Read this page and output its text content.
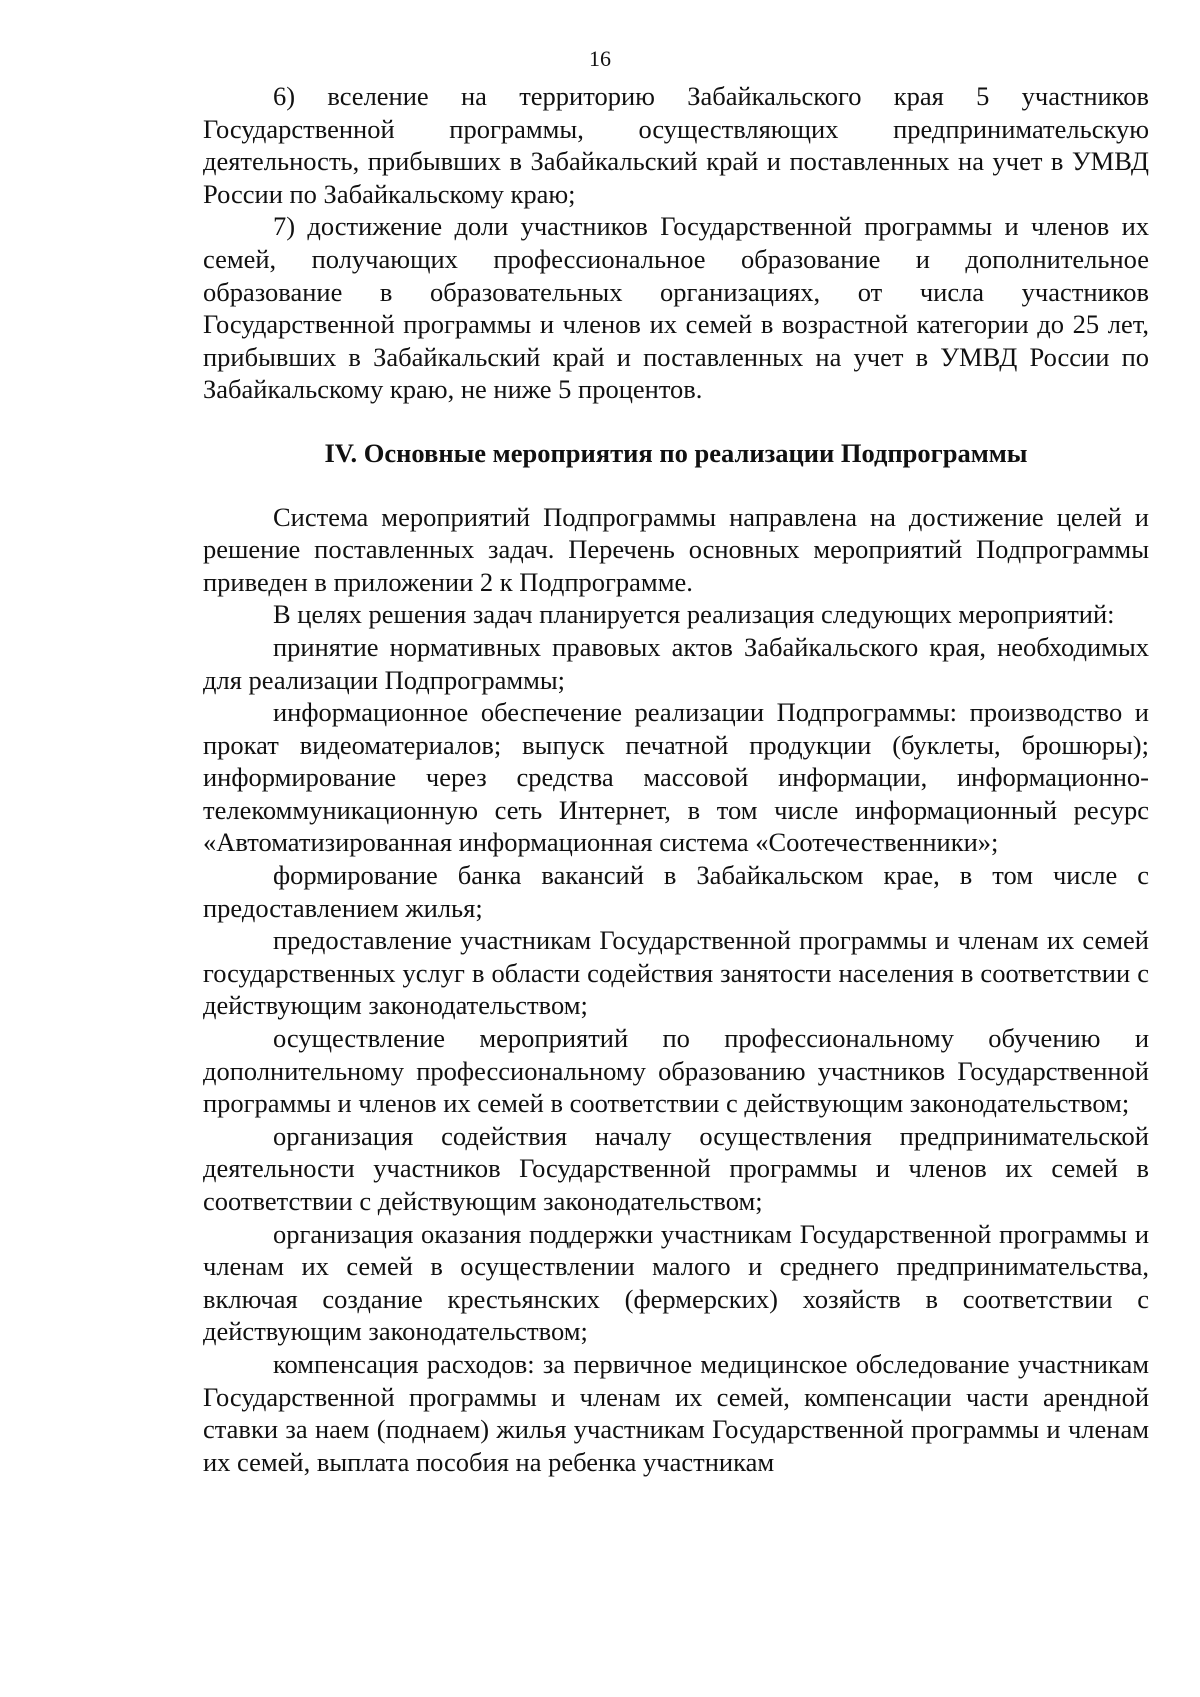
16

6) вселение на территорию Забайкальского края 5 участников Государственной программы, осуществляющих предпринимательскую деятельность, прибывших в Забайкальский край и поставленных на учет в УМВД России по Забайкальскому краю;

7) достижение доли участников Государственной программы и членов их семей, получающих профессиональное образование и дополнительное образование в образовательных организациях, от числа участников Государственной программы и членов их семей в возрастной категории до 25 лет, прибывших в Забайкальский край и поставленных на учет в УМВД России по Забайкальскому краю, не ниже 5 процентов.

IV. Основные мероприятия по реализации Подпрограммы

Система мероприятий Подпрограммы направлена на достижение целей и решение поставленных задач. Перечень основных мероприятий Подпрограммы приведен в приложении 2 к Подпрограмме.

В целях решения задач планируется реализация следующих мероприятий:

принятие нормативных правовых актов Забайкальского края, необходимых для реализации Подпрограммы;

информационное обеспечение реализации Подпрограммы: производство и прокат видеоматериалов; выпуск печатной продукции (буклеты, брошюры); информирование через средства массовой информации, информационно-телекоммуникационную сеть Интернет, в том числе информационный ресурс «Автоматизированная информационная система «Соотечественники»;

формирование банка вакансий в Забайкальском крае, в том числе с предоставлением жилья;

предоставление участникам Государственной программы и членам их семей государственных услуг в области содействия занятости населения в соответствии с действующим законодательством;

осуществление мероприятий по профессиональному обучению и дополнительному профессиональному образованию участников Государственной программы и членов их семей в соответствии с действующим законодательством;

организация содействия началу осуществления предпринимательской деятельности участников Государственной программы и членов их семей в соответствии с действующим законодательством;

организация оказания поддержки участникам Государственной программы и членам их семей в осуществлении малого и среднего предпринимательства, включая создание крестьянских (фермерских) хозяйств в соответствии с действующим законодательством;

компенсация расходов: за первичное медицинское обследование участникам Государственной программы и членам их семей, компенсации части арендной ставки за наем (поднаем) жилья участникам Государственной программы и членам их семей, выплата пособия на ребенка участникам
